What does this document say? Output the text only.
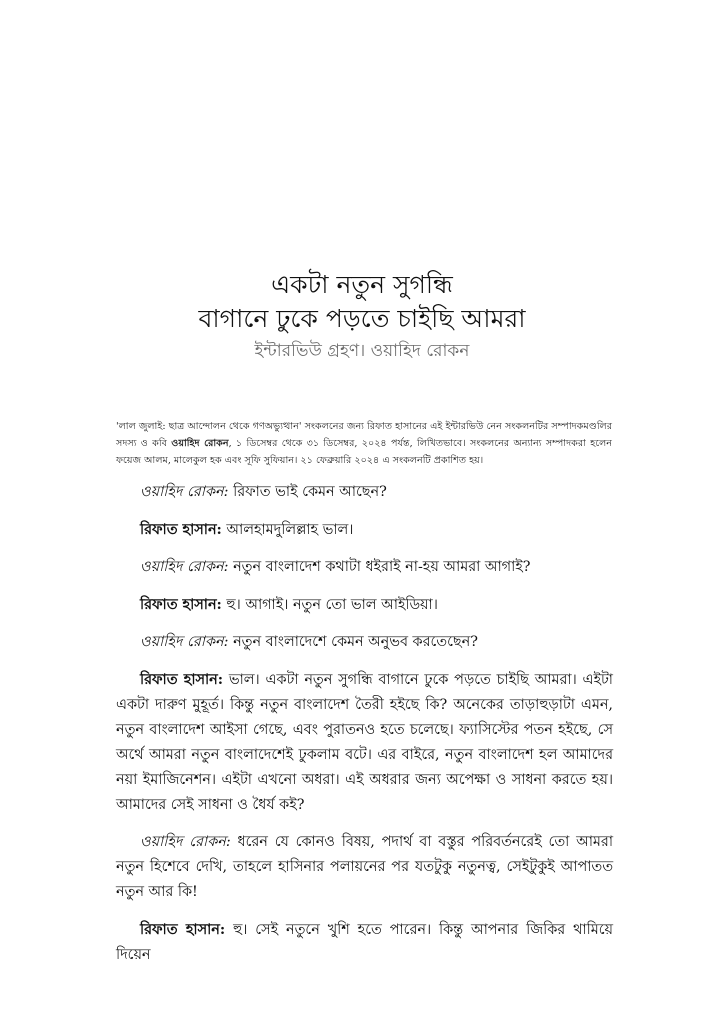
একটা নতুন সুগন্ধি
বাগানে ঢুকে পড়তে চাইছি আমরা
ইন্টারভিউ গ্রহণ। ওয়াহিদ রোকন
'লাল জুলাই: ছাত্র আন্দোলন থেকে গণঅভ্যুত্থান' সংকলনের জন্য রিফাত হাসানের এই ইন্টারভিউ নেন সংকলনটির সম্পাদকমণ্ডলির সদস্য ও কবি ওয়াহিদ রোকন, ১ ডিসেম্বর থেকে ৩১ ডিসেম্বর, ২০২৪ পর্যন্ত, লিখিতভাবে। সংকলনের অন্যান্য সম্পাদকরা হলেন ফয়েজ আলম, মালেকুল হক এবং সূফি সুফিয়ান। ২১ ফেব্রুয়ারি ২০২৪ এ সংকলনটি প্রকাশিত হয়।

ওয়াহিদ রোকন: রিফাত ভাই কেমন আছেন?

রিফাত হাসান: আলহামদুলিল্লাহ ভাল।

ওয়াহিদ রোকন: নতুন বাংলাদেশ কথাটা ধইরাই না-হয় আমরা আগাই?

রিফাত হাসান: হু। আগাই। নতুন তো ভাল আইডিয়া।

ওয়াহিদ রোকন: নতুন বাংলাদেশে কেমন অনুভব করতেছেন?

রিফাত হাসান: ভাল। একটা নতুন সুগন্ধি বাগানে ঢুকে পড়তে চাইছি আমরা। এইটা একটা দারুণ মুহূর্ত। কিন্তু নতুন বাংলাদেশ তৈরী হইছে কি? অনেকের তাড়াহুড়াটা এমন, নতুন বাংলাদেশ আইসা গেছে, এবং পুরাতনও হতে চলেছে। ফ্যাসিস্টের পতন হইছে, সে অর্থে আমরা নতুন বাংলাদেশেই ঢুকলাম বটে। এর বাইরে, নতুন বাংলাদেশ হল আমাদের নয়া ইমাজিনেশন। এইটা এখনো অধরা। এই অধরার জন্য অপেক্ষা ও সাধনা করতে হয়। আমাদের সেই সাধনা ও ধৈর্য কই?

ওয়াহিদ রোকন: ধরেন যে কোনও বিষয়, পদার্থ বা বস্তুর পরিবর্তনরেই তো আমরা নতুন হিশেবে দেখি, তাহলে হাসিনার পলায়নের পর যতটুকু নতুনত্ব, সেইটুকুই আপাতত নতুন আর কি!

রিফাত হাসান: হু। সেই নতুনে খুশি হতে পারেন। কিন্তু আপনার জিকির থামিয়ে দিয়েন
